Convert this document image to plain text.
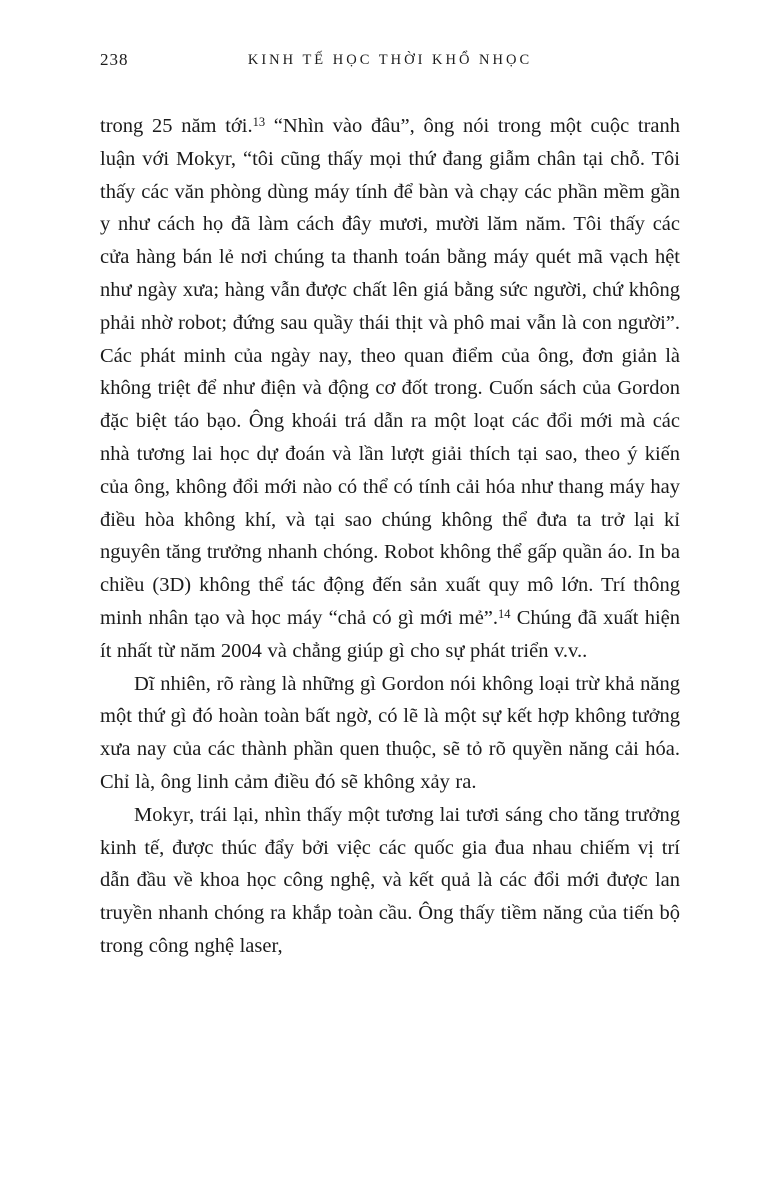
238	KINH TẾ HỌC THỜI KHỔ NHỌC

trong 25 năm tới.$^{13}$ “Nhìn vào đâu”, ông nói trong một cuộc tranh luận với Mokyr, “tôi cũng thấy mọi thứ đang giẫm chân tại chỗ. Tôi thấy các văn phòng dùng máy tính để bàn và chạy các phần mềm gần y như cách họ đã làm cách đây mươi, mười lăm năm. Tôi thấy các cửa hàng bán lẻ nơi chúng ta thanh toán bằng máy quét mã vạch hệt như ngày xưa; hàng vẫn được chất lên giá bằng sức người, chứ không phải nhờ robot; đứng sau quầy thái thịt và phô mai vẫn là con người”. Các phát minh của ngày nay, theo quan điểm của ông, đơn giản là không triệt để như điện và động cơ đốt trong. Cuốn sách của Gordon đặc biệt táo bạo. Ông khoái trá dẫn ra một loạt các đổi mới mà các nhà tương lai học dự đoán và lần lượt giải thích tại sao, theo ý kiến của ông, không đổi mới nào có thể có tính cải hóa như thang máy hay điều hòa không khí, và tại sao chúng không thể đưa ta trở lại kỉ nguyên tăng trưởng nhanh chóng. Robot không thể gấp quần áo. In ba chiều (3D) không thể tác động đến sản xuất quy mô lớn. Trí thông minh nhân tạo và học máy “chả có gì mới mẻ”.$^{14}$ Chúng đã xuất hiện ít nhất từ năm 2004 và chẳng giúp gì cho sự phát triển v.v..

Dĩ nhiên, rõ ràng là những gì Gordon nói không loại trừ khả năng một thứ gì đó hoàn toàn bất ngờ, có lẽ là một sự kết hợp không tưởng xưa nay của các thành phần quen thuộc, sẽ tỏ rõ quyền năng cải hóa. Chỉ là, ông linh cảm điều đó sẽ không xảy ra.

Mokyr, trái lại, nhìn thấy một tương lai tươi sáng cho tăng trưởng kinh tế, được thúc đẩy bởi việc các quốc gia đua nhau chiếm vị trí dẫn đầu về khoa học công nghệ, và kết quả là các đổi mới được lan truyền nhanh chóng ra khắp toàn cầu. Ông thấy tiềm năng của tiến bộ trong công nghệ laser,
